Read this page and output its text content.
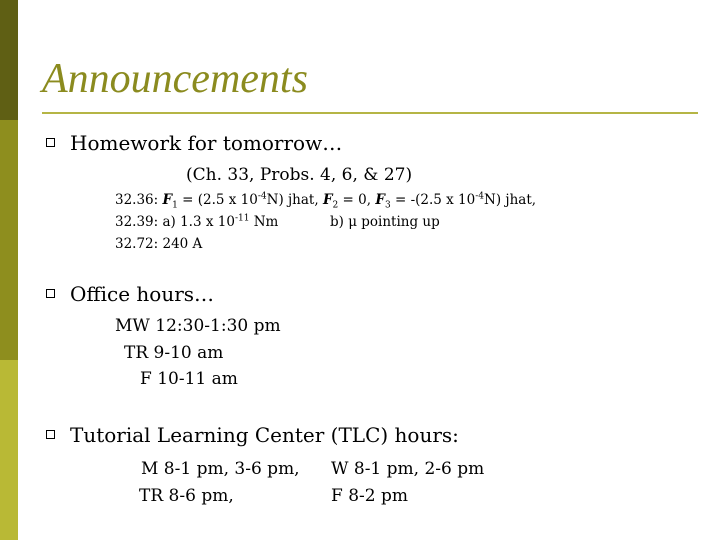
Announcements
Homework for tomorrow…
(Ch. 33, Probs. 4, 6, & 27)
32.36: $F_1 = (2.5$ x $10^{-4}N$) jhat, $F_2 = 0$, $F_3 = -(2.5$ x $10^{-4}N$) jhat,
32.39: a) 1.3 x $10^{-11}$ Nm	b) μ pointing up
32.72: 240 A
Office hours…
MW 12:30-1:30 pm
TR 9-10 am
F 10-11 am
Tutorial Learning Center (TLC) hours:
M 8-1 pm, 3-6 pm, W 8-1 pm, 2-6 pm
TR 8-6 pm,	F 8-2 pm
